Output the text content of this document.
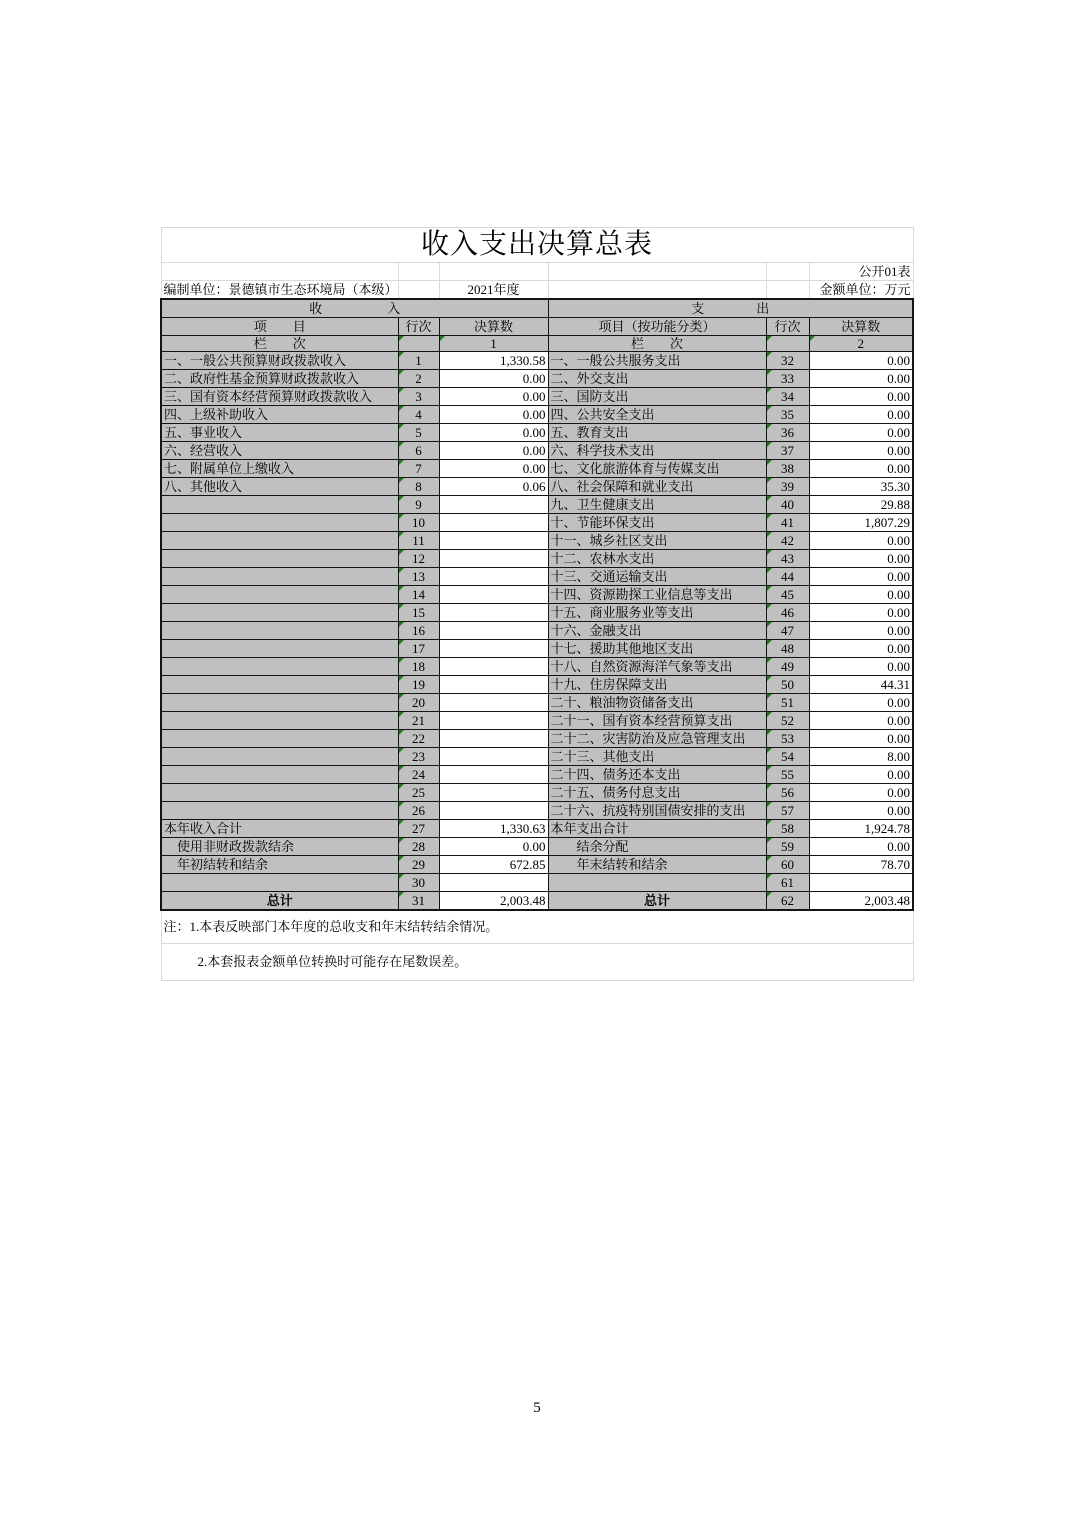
收入支出决算总表					
					公开01表
编制单位：景德镇市生态环境局（本级）		2021年度			金额单位：万元
收　　　　　入			支　　　　出		
项　　目	行次	决算数	项目（按功能分类）	行次	决算数
栏　　次		1	栏　　次		2
一、一般公共预算财政拨款收入	1	1,330.58	一、一般公共服务支出	32	0.00
二、政府性基金预算财政拨款收入	2	0.00	二、外交支出	33	0.00
三、国有资本经营预算财政拨款收入	3	0.00	三、国防支出	34	0.00
四、上级补助收入	4	0.00	四、公共安全支出	35	0.00
五、事业收入	5	0.00	五、教育支出	36	0.00
六、经营收入	6	0.00	六、科学技术支出	37	0.00
七、附属单位上缴收入	7	0.00	七、文化旅游体育与传媒支出	38	0.00
八、其他收入	8	0.06	八、社会保障和就业支出	39	35.30
	9		九、卫生健康支出	40	29.88
	10		十、节能环保支出	41	1,807.29
	11		十一、城乡社区支出	42	0.00
	12		十二、农林水支出	43	0.00
	13		十三、交通运输支出	44	0.00
	14		十四、资源勘探工业信息等支出	45	0.00
	15		十五、商业服务业等支出	46	0.00
	16		十六、金融支出	47	0.00
	17		十七、援助其他地区支出	48	0.00
	18		十八、自然资源海洋气象等支出	49	0.00
	19		十九、住房保障支出	50	44.31
	20		二十、粮油物资储备支出	51	0.00
	21		二十一、国有资本经营预算支出	52	0.00
	22		二十二、灾害防治及应急管理支出	53	0.00
	23		二十三、其他支出	54	8.00
	24		二十四、债务还本支出	55	0.00
	25		二十五、债务付息支出	56	0.00
	26		二十六、抗疫特别国债安排的支出	57	0.00
本年收入合计	27	1,330.63	本年支出合计	58	1,924.78
　使用非财政拨款结余	28	0.00	　　结余分配	59	0.00
　年初结转和结余	29	672.85	　　年末结转和结余	60	78.70
	30			61	
总计	31	2,003.48	总计	62	2,003.48
注：1.本表反映部门本年度的总收支和年末结转结余情况。					
2.本套报表金额单位转换时可能存在尾数误差。					
5
